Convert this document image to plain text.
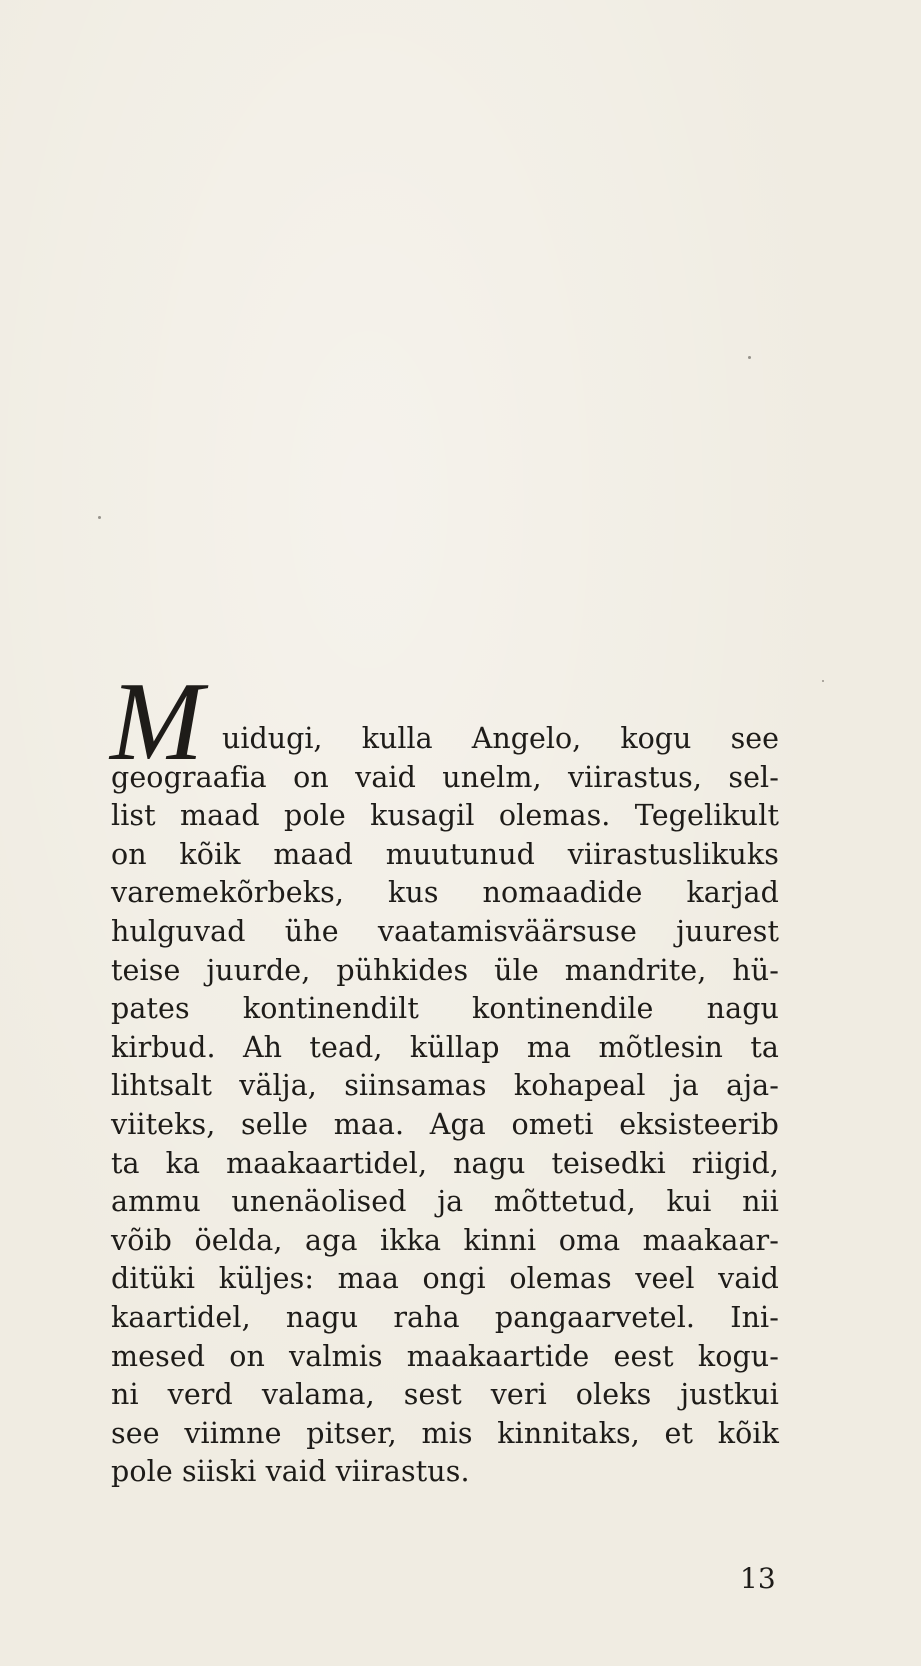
M uidugi, kulla Angelo, kogu see
geograafia on vaid unelm, viirastus, sel-
list maad pole kusagil olemas. Tegelikult
on kõik maad muutunud viirastuslikuks
varemekõrbeks, kus nomaadide karjad
hulguvad ühe vaatamisväärsuse juurest
teise juurde, pühkides üle mandrite, hü-
pates kontinendilt kontinendile nagu
kirbud. Ah tead, küllap ma mõtlesin ta
lihtsalt välja, siinsamas kohapeal ja aja-
viiteks, selle maa. Aga ometi eksisteerib
ta ka maakaartidel, nagu teisedki riigid,
ammu unenäolised ja mõttetud, kui nii
võib öelda, aga ikka kinni oma maakaar-
ditüki küljes: maa ongi olemas veel vaid
kaartidel, nagu raha pangaarvetel. Ini-
mesed on valmis maakaartide eest kogu-
ni verd valama, sest veri oleks justkui
see viimne pitser, mis kinnitaks, et kõik
pole siiski vaid viirastus.
13
